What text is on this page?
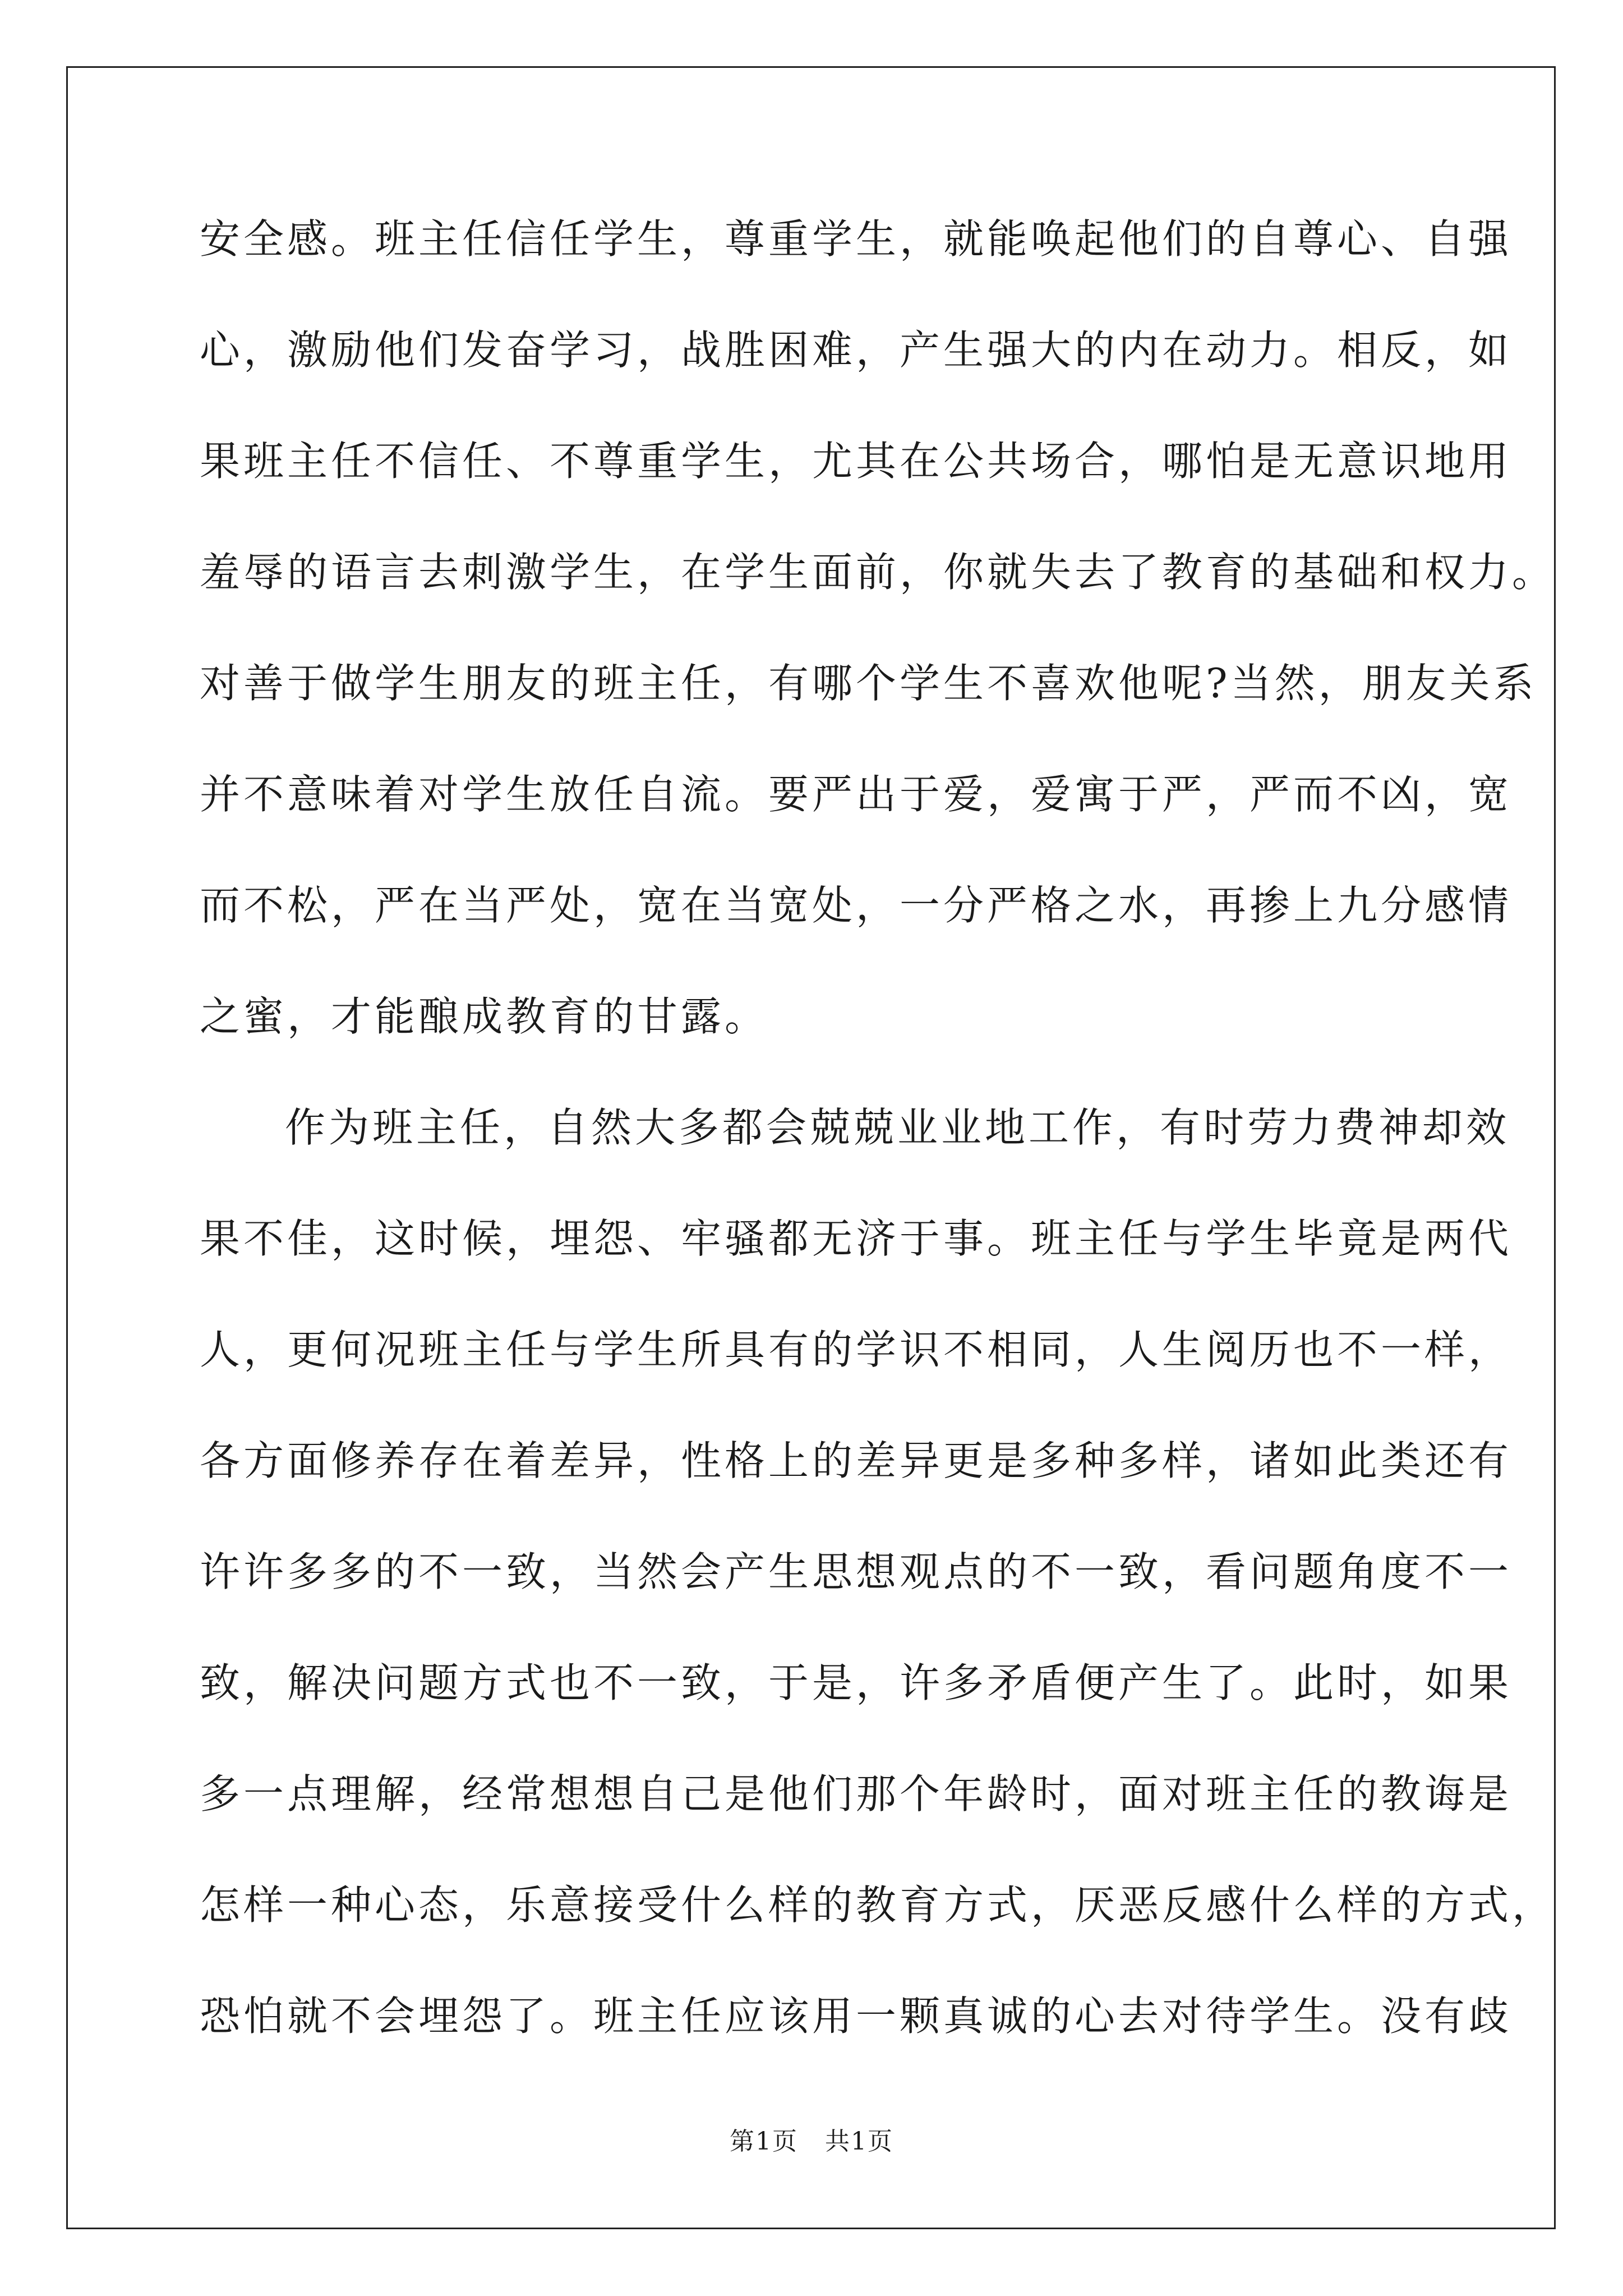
安全感。班主任信任学生，尊重学生，就能唤起他们的自尊心、自强
心，激励他们发奋学习，战胜困难，产生强大的内在动力。相反，如
果班主任不信任、不尊重学生，尤其在公共场合，哪怕是无意识地用
羞辱的语言去刺激学生，在学生面前，你就失去了教育的基础和权力。
对善于做学生朋友的班主任，有哪个学生不喜欢他呢?当然，朋友关系
并不意味着对学生放任自流。要严出于爱，爱寓于严，严而不凶，宽
而不松，严在当严处，宽在当宽处，一分严格之水，再掺上九分感情
之蜜，才能酿成教育的甘露。
作为班主任，自然大多都会兢兢业业地工作，有时劳力费神却效
果不佳，这时候，埋怨、牢骚都无济于事。班主任与学生毕竟是两代
人，更何况班主任与学生所具有的学识不相同，人生阅历也不一样，
各方面修养存在着差异，性格上的差异更是多种多样，诸如此类还有
许许多多的不一致，当然会产生思想观点的不一致，看问题角度不一
致，解决问题方式也不一致，于是，许多矛盾便产生了。此时，如果
多一点理解，经常想想自己是他们那个年龄时，面对班主任的教诲是
怎样一种心态，乐意接受什么样的教育方式，厌恶反感什么样的方式，
恐怕就不会埋怨了。班主任应该用一颗真诚的心去对待学生。没有歧
第1页 共1页
